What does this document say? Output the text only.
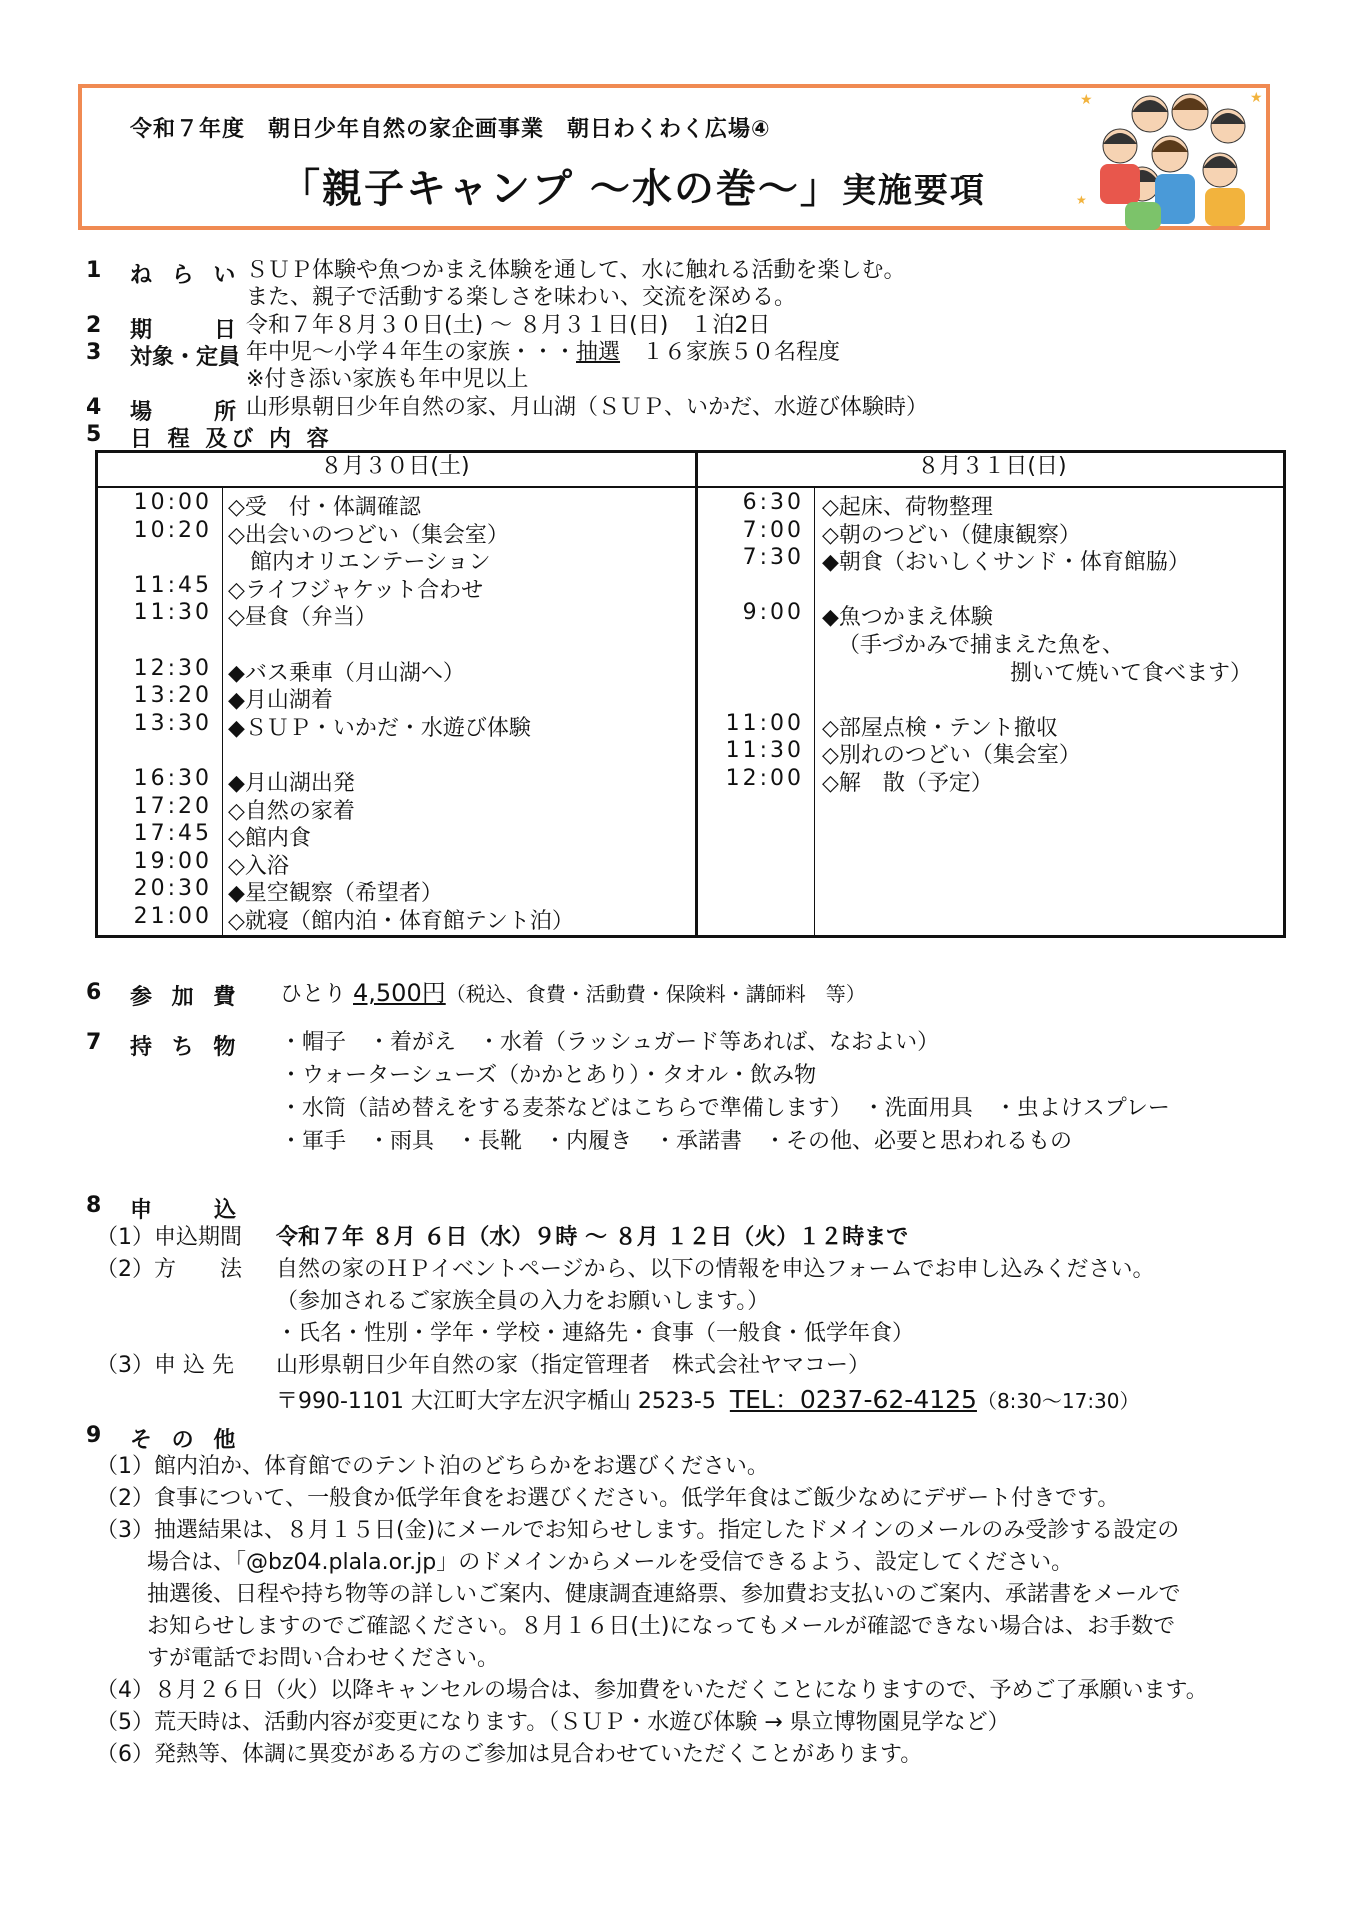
令和７年度　朝日少年自然の家企画事業　朝日わくわく広場④
「親子キャンプ ～水の巻～」実施要項
★	★
★
1 ね ら い ＳＵＰ体験や魚つかまえ体験を通して、水に触れる活動を楽しむ。
また、親子で活動する楽しさを味わい、交流を深める。
2 期　　日 令和７年８月３０日(土) ～ ８月３１日(日)　１泊2日
3 対象・定員 年中児～小学４年生の家族・・・抽選　１６家族５０名程度
※付き添い家族も年中児以上
4 場　　所 山形県朝日少年自然の家、月山湖（ＳＵＰ、いかだ、水遊び体験時）
5 日 程 及び 内 容
８月３０日(土)	８月３１日(日)
10:00 ◇受　付・体調確認
10:20 ◇出会いのつどい（集会室）
　館内オリエンテーション
11:45 ◇ライフジャケット合わせ
11:30 ◇昼食（弁当）
12:30 ◆バス乗車（月山湖へ）
13:20 ◆月山湖着
13:30 ◆ＳＵＰ・いかだ・水遊び体験
16:30 ◆月山湖出発
17:20 ◇自然の家着
17:45 ◇館内食
19:00 ◇入浴
20:30 ◆星空観察（希望者）
21:00 ◇就寝（館内泊・体育館テント泊）
6:30 ◇起床、荷物整理
7:00 ◇朝のつどい（健康観察）
7:30 ◆朝食（おいしくサンド・体育館脇）
9:00 ◆魚つかまえ体験
（手づかみで捕まえた魚を、
捌いて焼いて食べます）
11:00 ◇部屋点検・テント撤収
11:30 ◇別れのつどい（集会室）
12:00 ◇解　散（予定）
6 参 加 費 ひとり 4,500円（税込、食費・活動費・保険料・講師料　等）
7 持 ち 物 ・帽子　・着がえ　・水着（ラッシュガード等あれば、なおよい）
・ウォーターシューズ（かかとあり）・タオル・飲み物
・水筒（詰め替えをする麦茶などはこちらで準備します）　・洗面用具　・虫よけスプレー
・軍手　・雨具　・長靴　・内履き　・承諾書　・その他、必要と思われるもの
8 申　　込
（1）申込期間 令和７年 ８月 ６日（水）９時 ～ ８月 １２日（火）１２時まで
（2）方　　法 自然の家のＨＰイベントページから、以下の情報を申込フォームでお申し込みください。
（参加されるご家族全員の入力をお願いします。）
・氏名・性別・学年・学校・連絡先・食事（一般食・低学年食）
（3）申 込 先 山形県朝日少年自然の家（指定管理者　株式会社ヤマコー）
〒990-1101 大江町大字左沢字楯山 2523-5 TEL：0237-62-4125（8:30～17:30）
9 そ の 他
（1）館内泊か、体育館でのテント泊のどちらかをお選びください。
（2）食事について、一般食か低学年食をお選びください。低学年食はご飯少なめにデザート付きです。
（3）抽選結果は、８月１５日(金)にメールでお知らせします。指定したドメインのメールのみ受診する設定の
　　 場合は、「@bz04.plala.or.jp」のドメインからメールを受信できるよう、設定してください。
　　 抽選後、日程や持ち物等の詳しいご案内、健康調査連絡票、参加費お支払いのご案内、承諾書をメールで
　　 お知らせしますのでご確認ください。８月１６日(土)になってもメールが確認できない場合は、お手数で
　　 すが電話でお問い合わせください。
（4）８月２６日（火）以降キャンセルの場合は、参加費をいただくことになりますので、予めご了承願います。
（5）荒天時は、活動内容が変更になります。（ＳＵＰ・水遊び体験 → 県立博物園見学など）
（6）発熱等、体調に異変がある方のご参加は見合わせていただくことがあります。
